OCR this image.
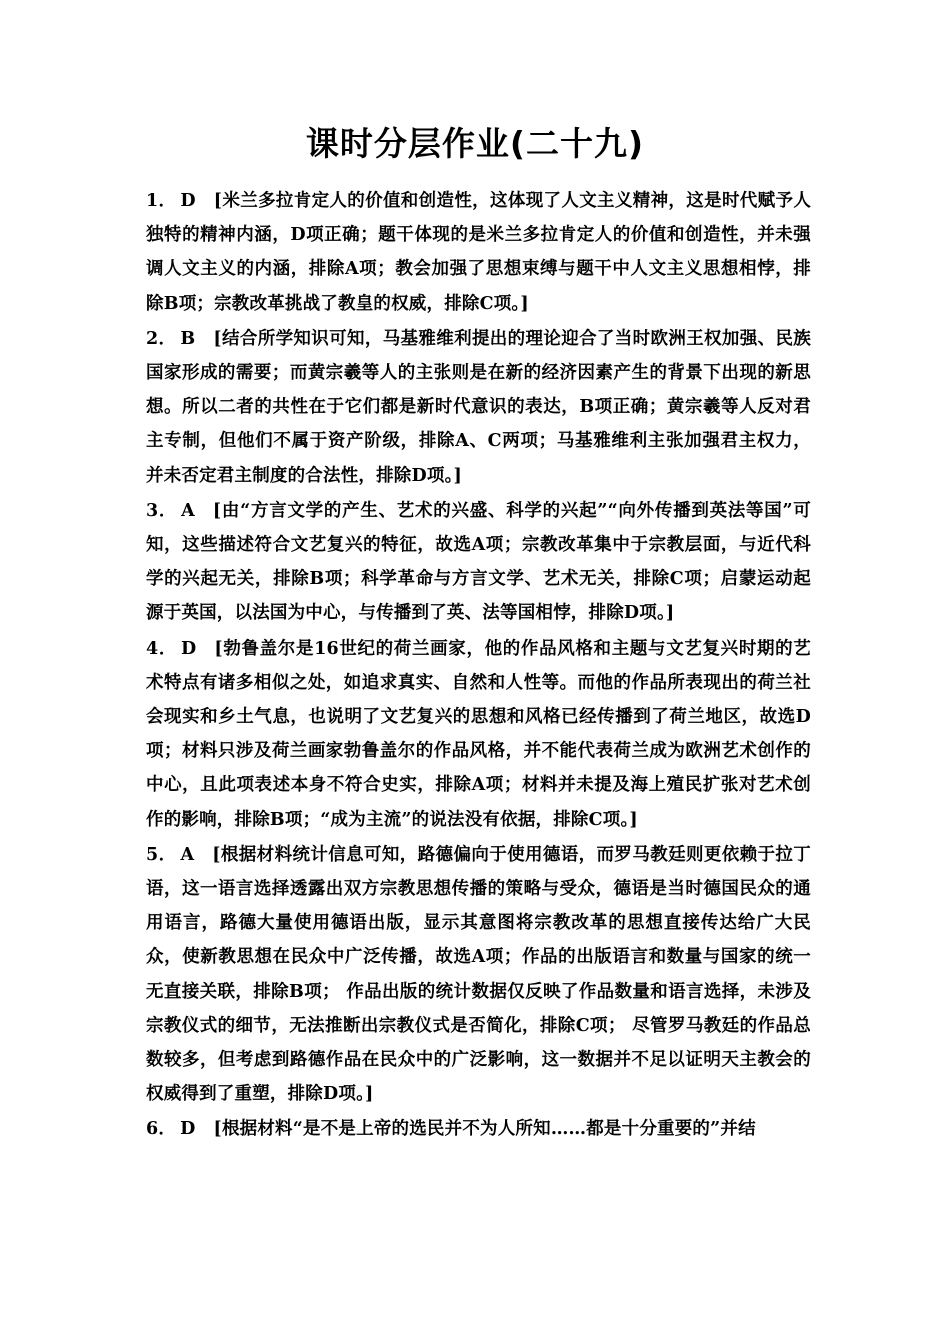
课时分层作业(二十九)

1． D [米兰多拉肯定人的价值和创造性，这体现了人文主义精神，这是时代赋予人独特的精神内涵，D项正确；题干体现的是米兰多拉肯定人的价值和创造性，并未强调人文主义的内涵，排除A项；教会加强了思想束缚与题干中人文主义思想相悖，排除B项；宗教改革挑战了教皇的权威，排除C项。]

2． B [结合所学知识可知，马基雅维利提出的理论迎合了当时欧洲王权加强、民族国家形成的需要；而黄宗羲等人的主张则是在新的经济因素产生的背景下出现的新思想。所以二者的共性在于它们都是新时代意识的表达，B项正确；黄宗羲等人反对君主专制，但他们不属于资产阶级，排除A、C两项；马基雅维利主张加强君主权力，并未否定君主制度的合法性，排除D项。]

3． A [由“方言文学的产生、艺术的兴盛、科学的兴起”“向外传播到英法等国”可知，这些描述符合文艺复兴的特征，故选A项；宗教改革集中于宗教层面，与近代科学的兴起无关，排除B项；科学革命与方言文学、艺术无关，排除C项；启蒙运动起源于英国，以法国为中心，与传播到了英、法等国相悖，排除D项。]

4． D [勃鲁盖尔是16世纪的荷兰画家，他的作品风格和主题与文艺复兴时期的艺术特点有诸多相似之处，如追求真实、自然和人性等。而他的作品所表现出的荷兰社会现实和乡土气息，也说明了文艺复兴的思想和风格已经传播到了荷兰地区，故选D项；材料只涉及荷兰画家勃鲁盖尔的作品风格，并不能代表荷兰成为欧洲艺术创作的中心，且此项表述本身不符合史实，排除A项；材料并未提及海上殖民扩张对艺术创作的影响，排除B项；“成为主流”的说法没有依据，排除C项。]

5． A [根据材料统计信息可知，路德偏向于使用德语，而罗马教廷则更依赖于拉丁语，这一语言选择透露出双方宗教思想传播的策略与受众，德语是当时德国民众的通用语言，路德大量使用德语出版，显示其意图将宗教改革的思想直接传达给广大民众，使新教思想在民众中广泛传播，故选A项；作品的出版语言和数量与国家的统一无直接关联，排除B项； 作品出版的统计数据仅反映了作品数量和语言选择，未涉及宗教仪式的细节，无法推断出宗教仪式是否简化，排除C项； 尽管罗马教廷的作品总数较多，但考虑到路德作品在民众中的广泛影响，这一数据并不足以证明天主教会的权威得到了重塑，排除D项。]

6． D [根据材料“是不是上帝的选民并不为人所知……都是十分重要的”并结
